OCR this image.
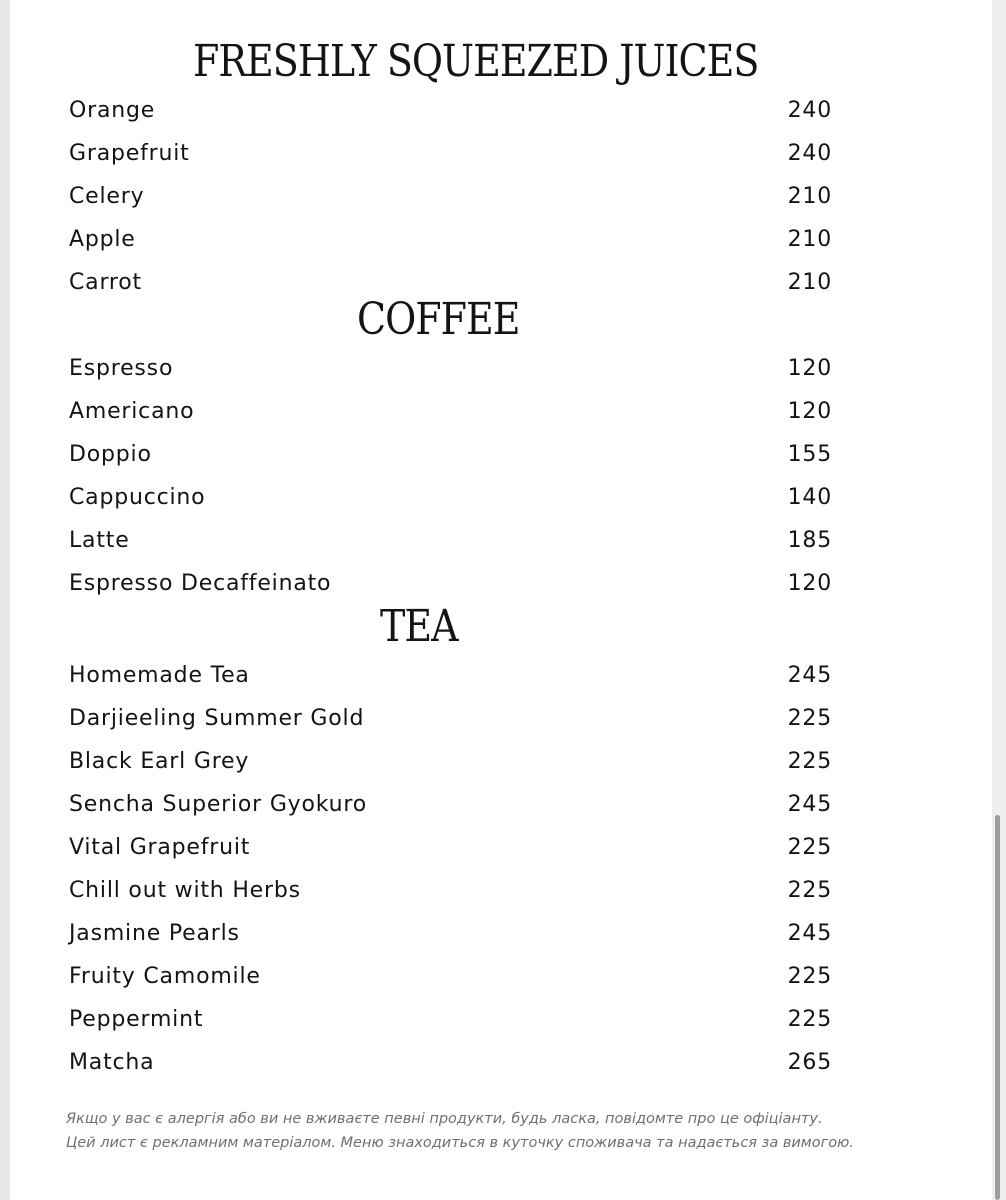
FRESHLY SQUEEZED JUICES
Orange	240
Grapefruit	240
Celery	210
Apple	210
Carrot	210
COFFEE
Espresso	120
Americano	120
Doppio	155
Cappuccino	140
Latte	185
Espresso Decaffeinato	120
TEA
Homemade Tea	245
Darjieeling Summer Gold	225
Black Earl Grey	225
Sencha Superior Gyokuro	245
Vital Grapefruit	225
Chill out with Herbs	225
Jasmine Pearls	245
Fruity Camomile	225
Peppermint	225
Matcha	265

Якщо у вас є алергія або ви не вживаєте певні продукти, будь ласка, повідомте про це офіціанту.

Цей лист є рекламним матеріалом. Меню знаходиться в куточку споживача та надається за вимогою.
